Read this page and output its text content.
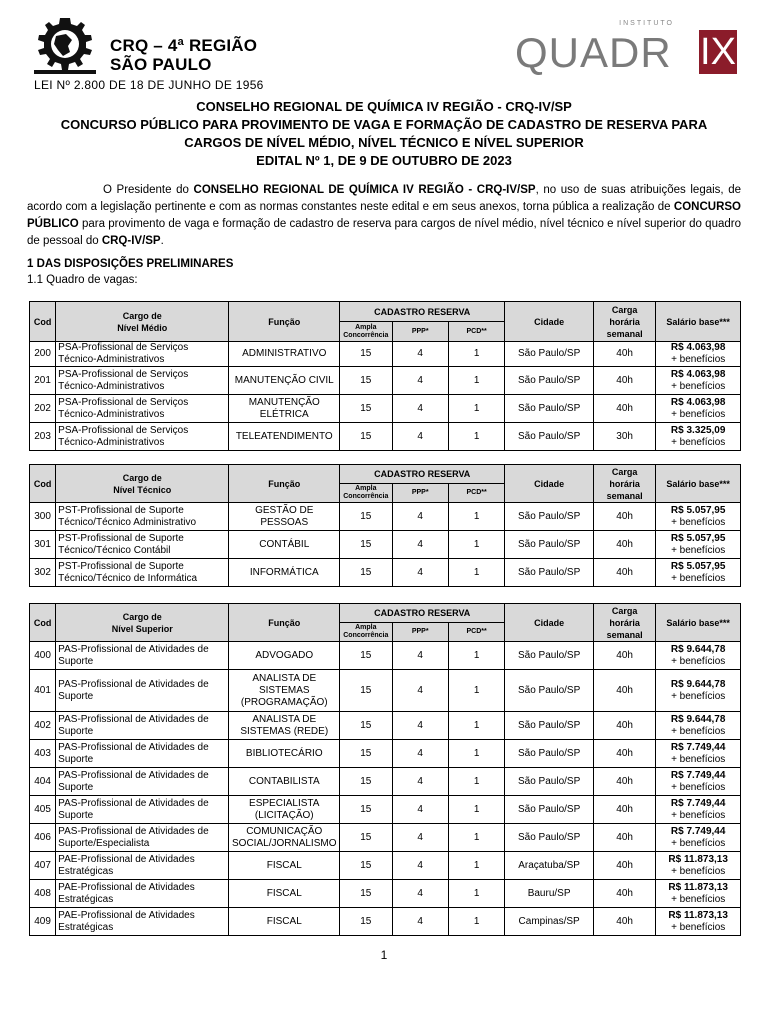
CRQ – 4ª REGIÃO
SÃO PAULO
LEI Nº 2.800 DE 18 DE JUNHO DE 1956
INSTITUTO
QUADR IX
CONSELHO REGIONAL DE QUÍMICA IV REGIÃO - CRQ-IV/SP
CONCURSO PÚBLICO PARA PROVIMENTO DE VAGA E FORMAÇÃO DE CADASTRO DE RESERVA PARA
CARGOS DE NÍVEL MÉDIO, NÍVEL TÉCNICO E NÍVEL SUPERIOR
EDITAL Nº 1, DE 9 DE OUTUBRO DE 2023
O Presidente do CONSELHO REGIONAL DE QUÍMICA IV REGIÃO - CRQ-IV/SP, no uso de suas atribuições legais, de acordo com a legislação pertinente e com as normas constantes neste edital e em seus anexos, torna pública a realização de CONCURSO PÚBLICO para provimento de vaga e formação de cadastro de reserva para cargos de nível médio, nível técnico e nível superior do quadro de pessoal do CRQ-IV/SP.
1 DAS DISPOSIÇÕES PRELIMINARES
1.1 Quadro de vagas:
Cod	Cargo de
Nível Médio	Função	CADASTRO RESERVA			Cidade	Carga horária semanal	Salário base***
			Ampla Concorrência	PPP*	PCD**			
200	PSA-Profissional de Serviços Técnico-Administrativos	ADMINISTRATIVO	15	4	1	São Paulo/SP	40h	R$ 4.063,98
+ benefícios

201	PSA-Profissional de Serviços Técnico-Administrativos	MANUTENÇÃO CIVIL	15	4	1	São Paulo/SP	40h	R$ 4.063,98
+ benefícios

202	PSA-Profissional de Serviços Técnico-Administrativos	MANUTENÇÃO ELÉTRICA	15	4	1	São Paulo/SP	40h	R$ 4.063,98
+ benefícios

203	PSA-Profissional de Serviços Técnico-Administrativos	TELEATENDIMENTO	15	4	1	São Paulo/SP	30h	R$ 3.325,09
+ benefícios
Cod	Cargo de
Nível Técnico	Função	CADASTRO RESERVA			Cidade	Carga horária semanal	Salário base***
			Ampla Concorrência	PPP*	PCD**			
300	PST-Profissional de Suporte Técnico/Técnico Administrativo	GESTÃO DE PESSOAS	15	4	1	São Paulo/SP	40h	R$ 5.057,95
+ benefícios

301	PST-Profissional de Suporte Técnico/Técnico Contábil	CONTÁBIL	15	4	1	São Paulo/SP	40h	R$ 5.057,95
+ benefícios

302	PST-Profissional de Suporte Técnico/Técnico de Informática	INFORMÁTICA	15	4	1	São Paulo/SP	40h	R$ 5.057,95
+ benefícios
Cod	Cargo de
Nível Superior	Função	CADASTRO RESERVA			Cidade	Carga horária semanal	Salário base***
			Ampla Concorrência	PPP*	PCD**			
400	PAS-Profissional de Atividades de Suporte	ADVOGADO	15	4	1	São Paulo/SP	40h	R$ 9.644,78
+ benefícios

401	PAS-Profissional de Atividades de Suporte	ANALISTA DE SISTEMAS (PROGRAMAÇÃO)	15	4	1	São Paulo/SP	40h	R$ 9.644,78
+ benefícios

402	PAS-Profissional de Atividades de Suporte	ANALISTA DE SISTEMAS (REDE)	15	4	1	São Paulo/SP	40h	R$ 9.644,78
+ benefícios

403	PAS-Profissional de Atividades de Suporte	BIBLIOTECÁRIO	15	4	1	São Paulo/SP	40h	R$ 7.749,44
+ benefícios

404	PAS-Profissional de Atividades de Suporte	CONTABILISTA	15	4	1	São Paulo/SP	40h	R$ 7.749,44
+ benefícios

405	PAS-Profissional de Atividades de Suporte	ESPECIALISTA (LICITAÇÃO)	15	4	1	São Paulo/SP	40h	R$ 7.749,44
+ benefícios

406	PAS-Profissional de Atividades de Suporte/Especialista	COMUNICAÇÃO SOCIAL/JORNALISMO	15	4	1	São Paulo/SP	40h	R$ 7.749,44
+ benefícios

407	PAE-Profissional de Atividades Estratégicas	FISCAL	15	4	1	Araçatuba/SP	40h	R$ 11.873,13
+ benefícios

408	PAE-Profissional de Atividades Estratégicas	FISCAL	15	4	1	Bauru/SP	40h	R$ 11.873,13
+ benefícios

409	PAE-Profissional de Atividades Estratégicas	FISCAL	15	4	1	Campinas/SP	40h	R$ 11.873,13
+ benefícios
1
